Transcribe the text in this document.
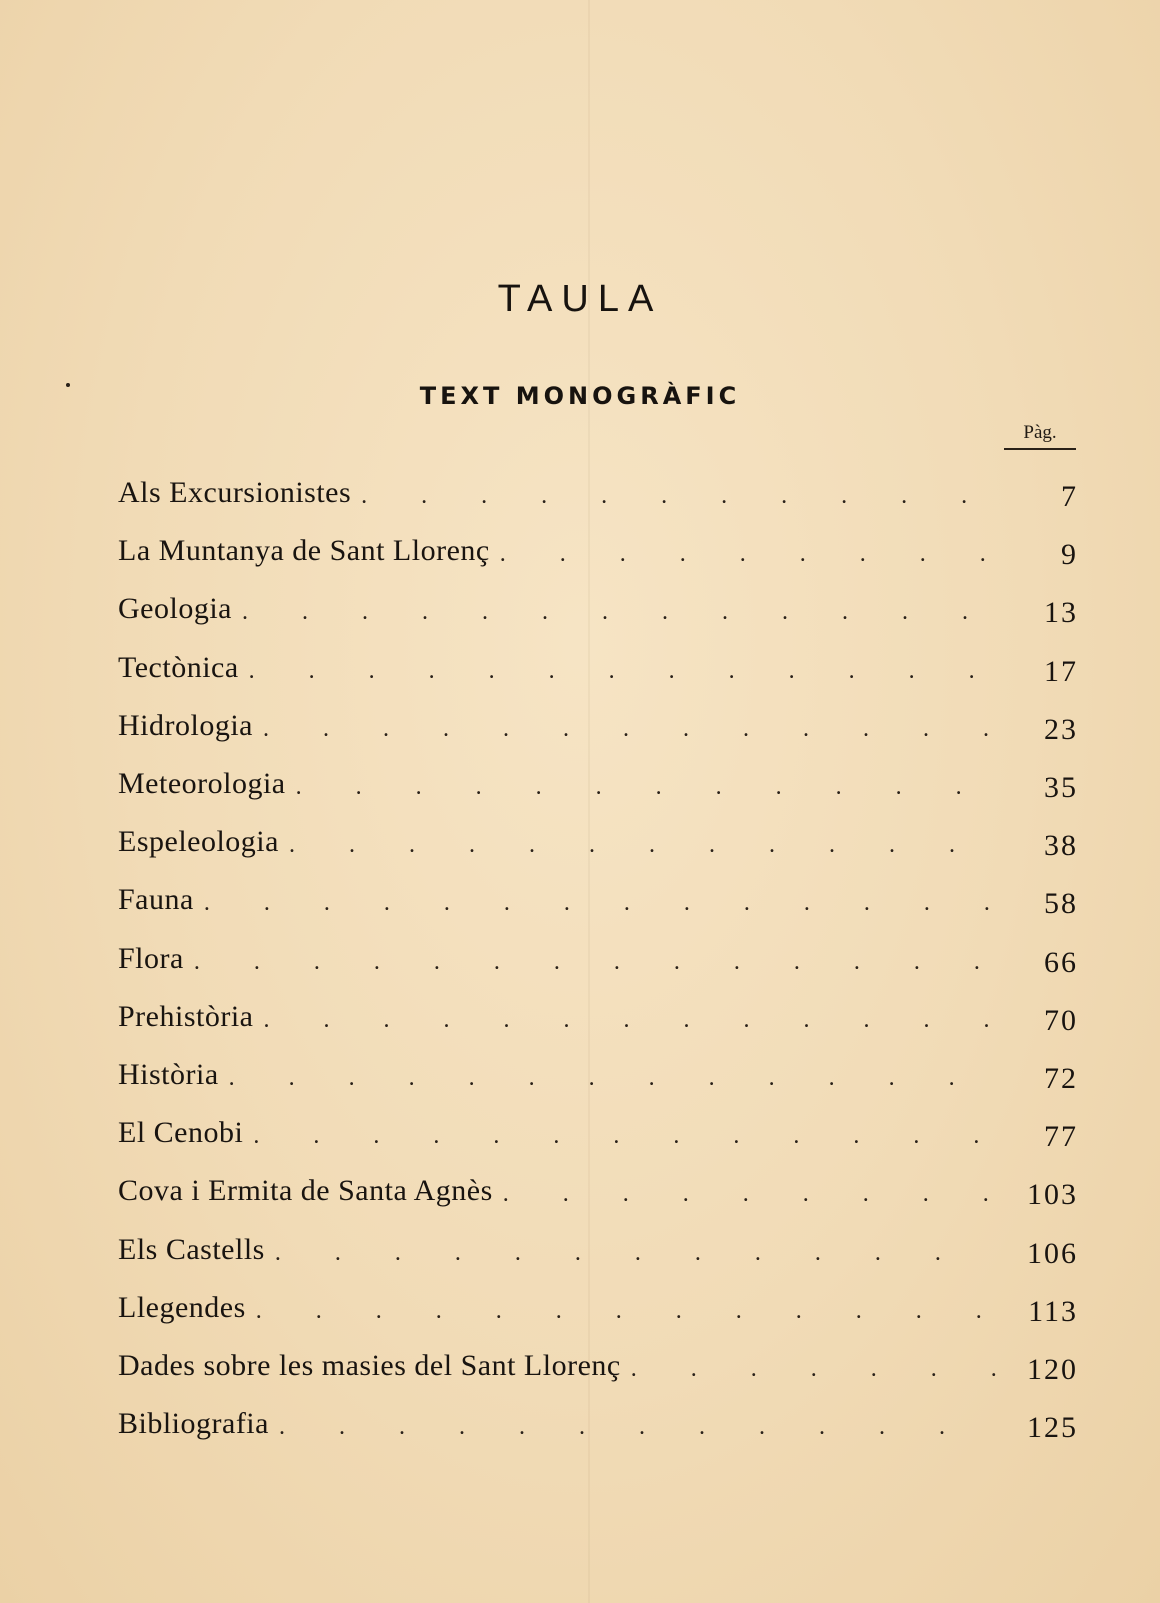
TAULA
TEXT MONOGRÀFIC
Pàg.
Als Excursionistes . . .	7
La Muntanya de Sant Llorenç . . .	9
Geologia . . .	13
Tectònica . . .	17
Hidrologia . . .	23
Meteorologia . . .	35
Espeleologia . . .	38
Fauna . . .	58
Flora . . .	66
Prehistòria . . .	70
Història . . .	72
El Cenobi . . .	77
Cova i Ermita de Santa Agnès . . .	103
Els Castells . . .	106
Llegendes . . .	113
Dades sobre les masies del Sant Llorenç . . .	120
Bibliografia . . .	125
